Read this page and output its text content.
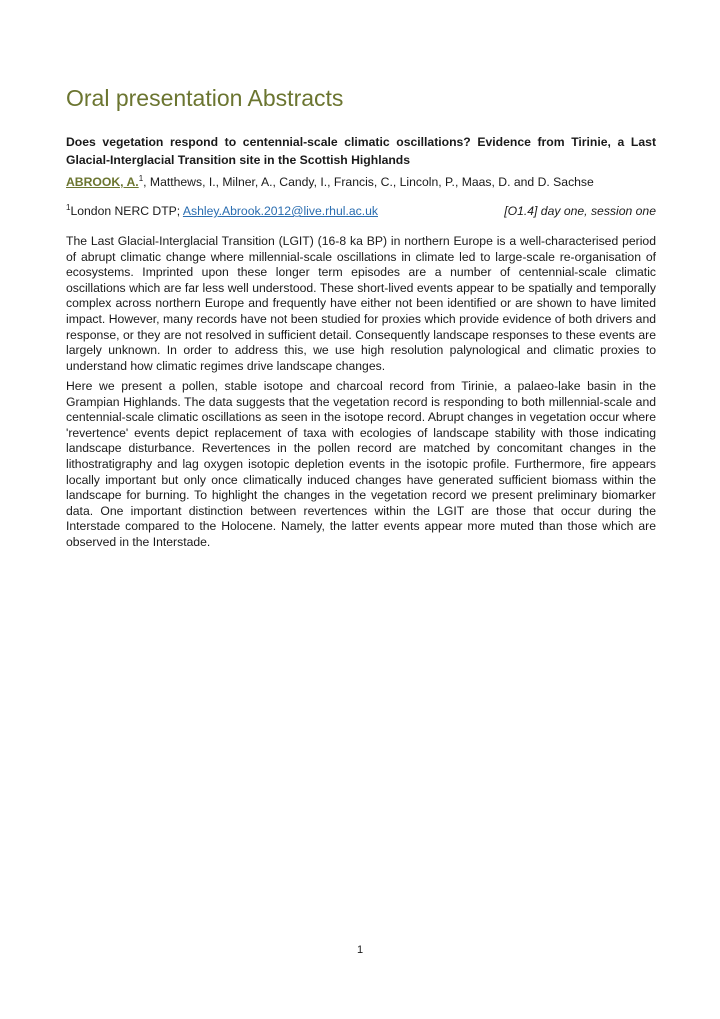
Oral presentation Abstracts

Does vegetation respond to centennial-scale climatic oscillations? Evidence from Tirinie, a Last Glacial-Interglacial Transition site in the Scottish Highlands

ABROOK, A.$^1$, Matthews, I., Milner, A., Candy, I., Francis, C., Lincoln, P., Maas, D. and D. Sachse
$^1$London NERC DTP; Ashley.Abrook.2012@live.rhul.ac.uk	[O1.4] day one, session one

The Last Glacial-Interglacial Transition (LGIT) (16-8 ka BP) in northern Europe is a well-characterised period of abrupt climatic change where millennial-scale oscillations in climate led to large-scale re-organisation of ecosystems. Imprinted upon these longer term episodes are a number of centennial-scale climatic oscillations which are far less well understood. These short-lived events appear to be spatially and temporally complex across northern Europe and frequently have either not been identified or are shown to have limited impact. However, many records have not been studied for proxies which provide evidence of both drivers and response, or they are not resolved in sufficient detail. Consequently landscape responses to these events are largely unknown. In order to address this, we use high resolution palynological and climatic proxies to understand how climatic regimes drive landscape changes.

Here we present a pollen, stable isotope and charcoal record from Tirinie, a palaeo-lake basin in the Grampian Highlands. The data suggests that the vegetation record is responding to both millennial-scale and centennial-scale climatic oscillations as seen in the isotope record. Abrupt changes in vegetation occur where 'revertence' events depict replacement of taxa with ecologies of landscape stability with those indicating landscape disturbance. Revertences in the pollen record are matched by concomitant changes in the lithostratigraphy and lag oxygen isotopic depletion events in the isotopic profile. Furthermore, fire appears locally important but only once climatically induced changes have generated sufficient biomass within the landscape for burning. To highlight the changes in the vegetation record we present preliminary biomarker data. One important distinction between revertences within the LGIT are those that occur during the Interstade compared to the Holocene. Namely, the latter events appear more muted than those which are observed in the Interstade.

1
